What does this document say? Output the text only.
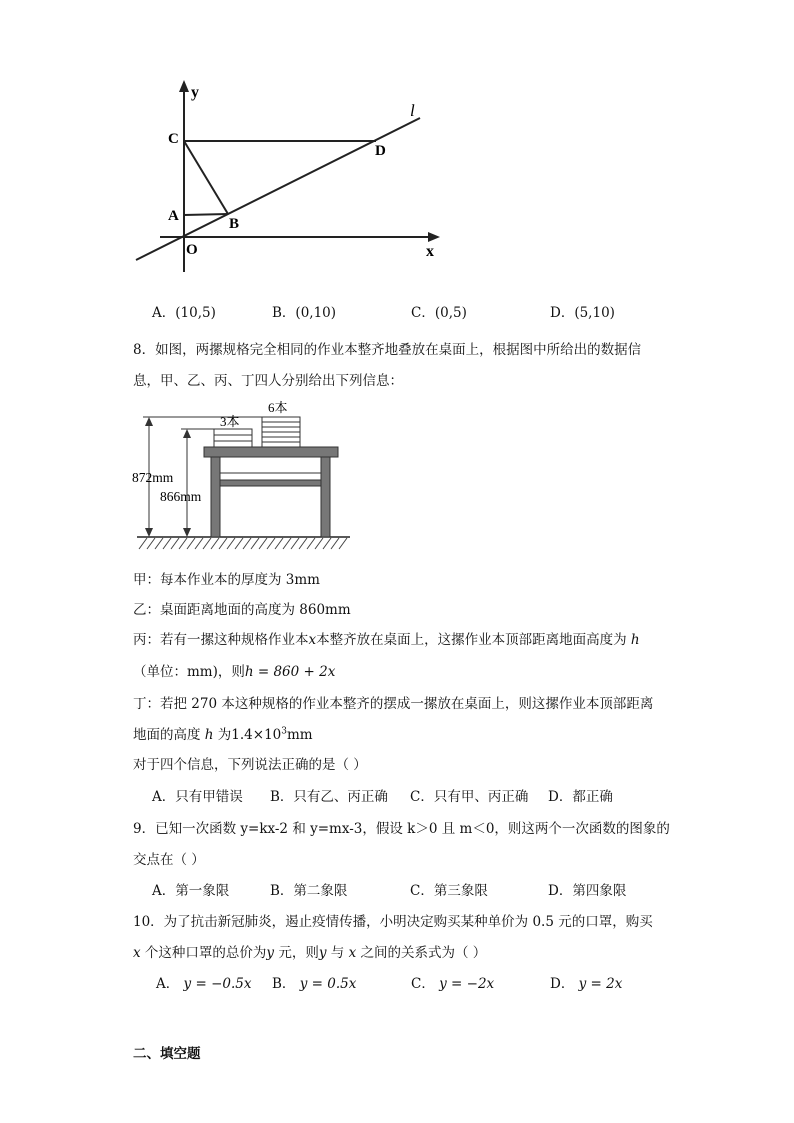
y
x
l
C
D
A	B
O
A．(10,5)	B．(0,10)	C．(0,5)	D．(5,10)
8．如图，两摞规格完全相同的作业本整齐地叠放在桌面上，根据图中所给出的数据信
息，甲、乙、丙、丁四人分别给出下列信息：
3本
6本
872mm
866mm
甲：每本作业本的厚度为 3mm
乙：桌面距离地面的高度为 860mm
丙：若有一摞这种规格作业本x本整齐放在桌面上，这摞作业本顶部距离地面高度为 h
（单位：mm)，则h = 860 + 2x
丁：若把 270 本这种规格的作业本整齐的摆成一摞放在桌面上，则这摞作业本顶部距离
地面的高度 h 为$1.4\times 10^3mm$
对于四个信息，下列说法正确的是（ ）
A．只有甲错误 B．只有乙、丙正确 C．只有甲、丙正确 D．都正确
9．已知一次函数 y=kx-2 和 y=mx-3，假设 k＞0 且 m＜0，则这两个一次函数的图象的
交点在（ ）
A．第一象限	B．第二象限	C．第三象限	D．第四象限
10．为了抗击新冠肺炎，遏止疫情传播，小明决定购买某种单价为 0.5 元的口罩，购买
x 个这种口罩的总价为y 元，则y 与 x 之间的关系式为（ ）
A． y = −0.5x B． y = 0.5x	C． y = −2x	D． y = 2x
二、填空题
